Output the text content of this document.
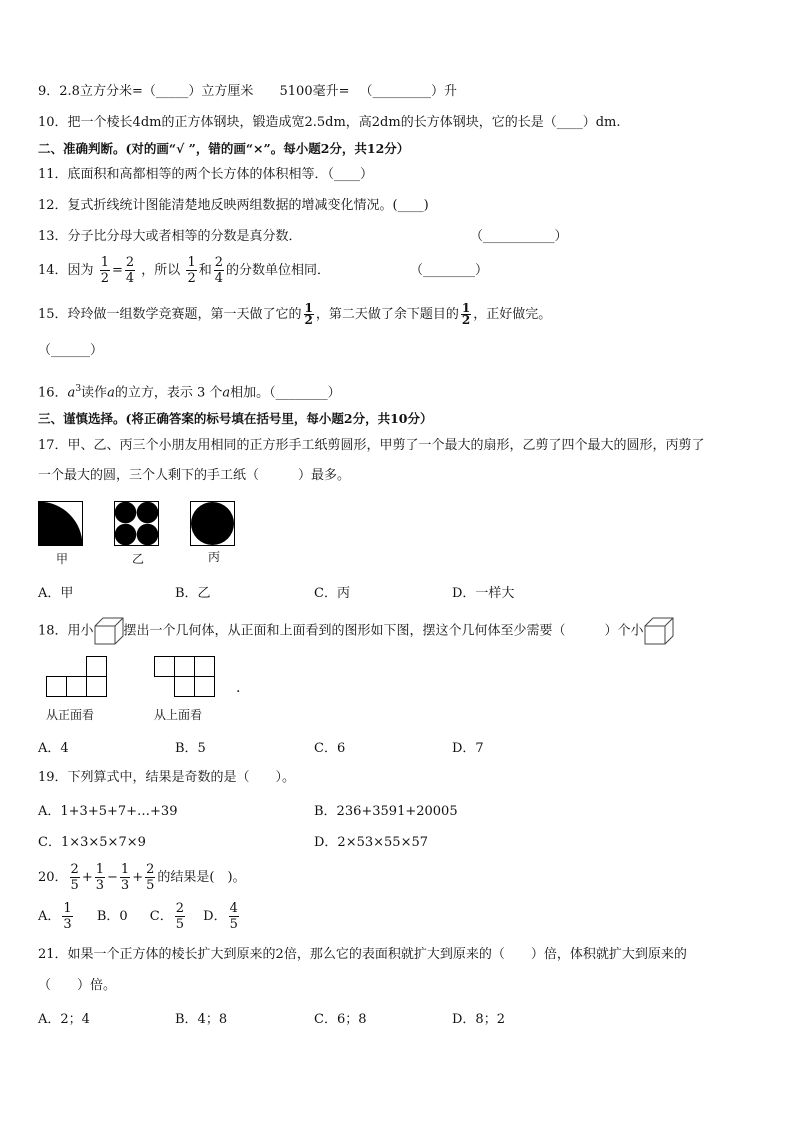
9．2.8立方分米=（_____）立方厘米 5100毫升= （_________）升
10．把一个棱长4dm的正方体钢块，锻造成宽2.5dm，高2dm的长方体钢块，它的长是（____）dm.
二、准确判断。(对的画“√ ”，错的画“×”。每小题2分，共12分）
11．底面积和高都相等的两个长方体的体积相等．（____）
12．复式折线统计图能清楚地反映两组数据的增减变化情况。(____)
13．分子比分母大或者相等的分数是真分数．	（___________）
14．因为 $\frac{1}{2} = \frac{2}{4}$ ，所以 $\frac{1}{2}$ 和 $\frac{2}{4}$ 的分数单位相同．	（________）
15．玲玲做一组数学竞赛题，第一天做了它的 $\frac{1}{2}$ ，第二天做了余下题目的 $\frac{1}{2}$ ，正好做完。
（______）
16．$a^3$读作a的立方，表示 3 个a相加。（________）
三、谨慎选择。(将正确答案的标号填在括号里，每小题2分，共10分）
17．甲、乙、丙三个小朋友用相同的正方形手工纸剪圆形，甲剪了一个最大的扇形，乙剪了四个最大的圆形，丙剪了
一个最大的圆，三个人剩下的手工纸（　　　）最多。
甲	乙	丙
A．甲	B．乙	C．丙	D．一样大
18．用小 摆出一个几何体，从正面和上面看到的图形如下图，摆这个几何体至少需要（　　　）个小
从正面看	从上面看
.
A．4	B．5	C．6	D．7
19．下列算式中，结果是奇数的是（　　）。
A．1+3+5+7+…+39	B．236+3591+20005
C．1×3×5×7×9	D．2×53×55×57
20． $\frac{2}{5} + \frac{1}{3} - \frac{1}{3} + \frac{2}{5}$ 的结果是(　)。
A． $\frac{1}{3}$ B．0 C． $\frac{2}{5}$ D． $\frac{4}{5}$
21．如果一个正方体的棱长扩大到原来的2倍，那么它的表面积就扩大到原来的（　　）倍，体积就扩大到原来的
（　　）倍。
A．2；4	B．4；8	C．6；8	D．8；2
